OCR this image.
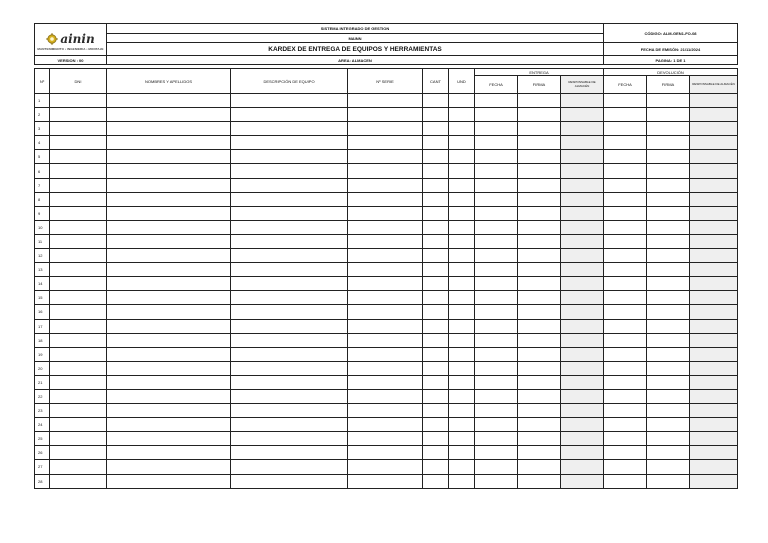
ainin
MANTENIMIENTO • INGENIERIA • MONTAJE	SISTEMA INTEGRADO DE GESTION	CÓDIGO: ALM-GEN1-FO-08
	MAINN	
	KARDEX DE ENTREGA DE EQUIPOS Y HERRAMIENTAS	FECHA DE EMISÓN: 21/11/2024
VERSION : 00	AREA: ALMACEN	PAGINA: 1 DE 1
Nº	DNI	NOMBRES Y APELLIDOS	DESCRIPCIÓN DE EQUIPO	Nº SERIE	CANT	UND	ENTREGA			DEVOLUCIÓN		
							FECHA	FIRMA	RESPONSABLE DE ALMACÉN	FECHA	FIRMA	RESPONSABLE DE ALMACÉN
1												
2												
3												
4												
5												
6												
7												
8												
9												
10												
11												
12												
13												
14												
15												
16												
17												
18												
19												
20												
21												
22												
23												
24												
25												
26												
27												
28												
